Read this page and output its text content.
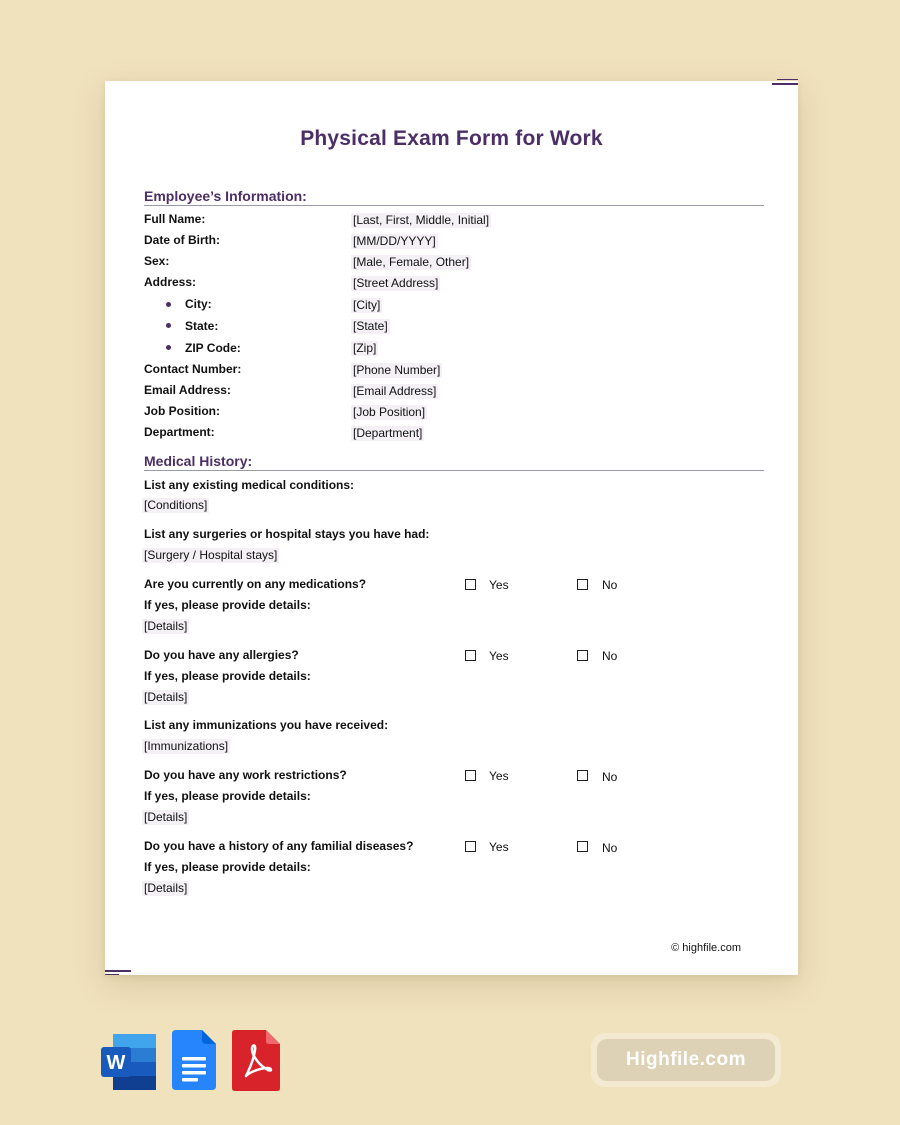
Physical Exam Form for Work
Employee’s Information:
Full Name:	[Last, First, Middle, Initial]
Date of Birth:	[MM/DD/YYYY]
Sex:	[Male, Female, Other]
Address:	[Street Address]
City:	[City]
State:	[State]
ZIP Code:	[Zip]
Contact Number:	[Phone Number]
Email Address:	[Email Address]
Job Position:	[Job Position]
Department:	[Department]
Medical History:
List any existing medical conditions:
[Conditions]
List any surgeries or hospital stays you have had:
[Surgery / Hospital stays]
Are you currently on any medications?	Yes	No
If yes, please provide details:
[Details]
Do you have any allergies?	Yes	No
If yes, please provide details:
[Details]
List any immunizations you have received:
[Immunizations]
Do you have any work restrictions?	Yes	No
If yes, please provide details:
[Details]
Do you have a history of any familial diseases?	Yes	No
If yes, please provide details:
[Details]
© highfile.com
W	Highfile.com
